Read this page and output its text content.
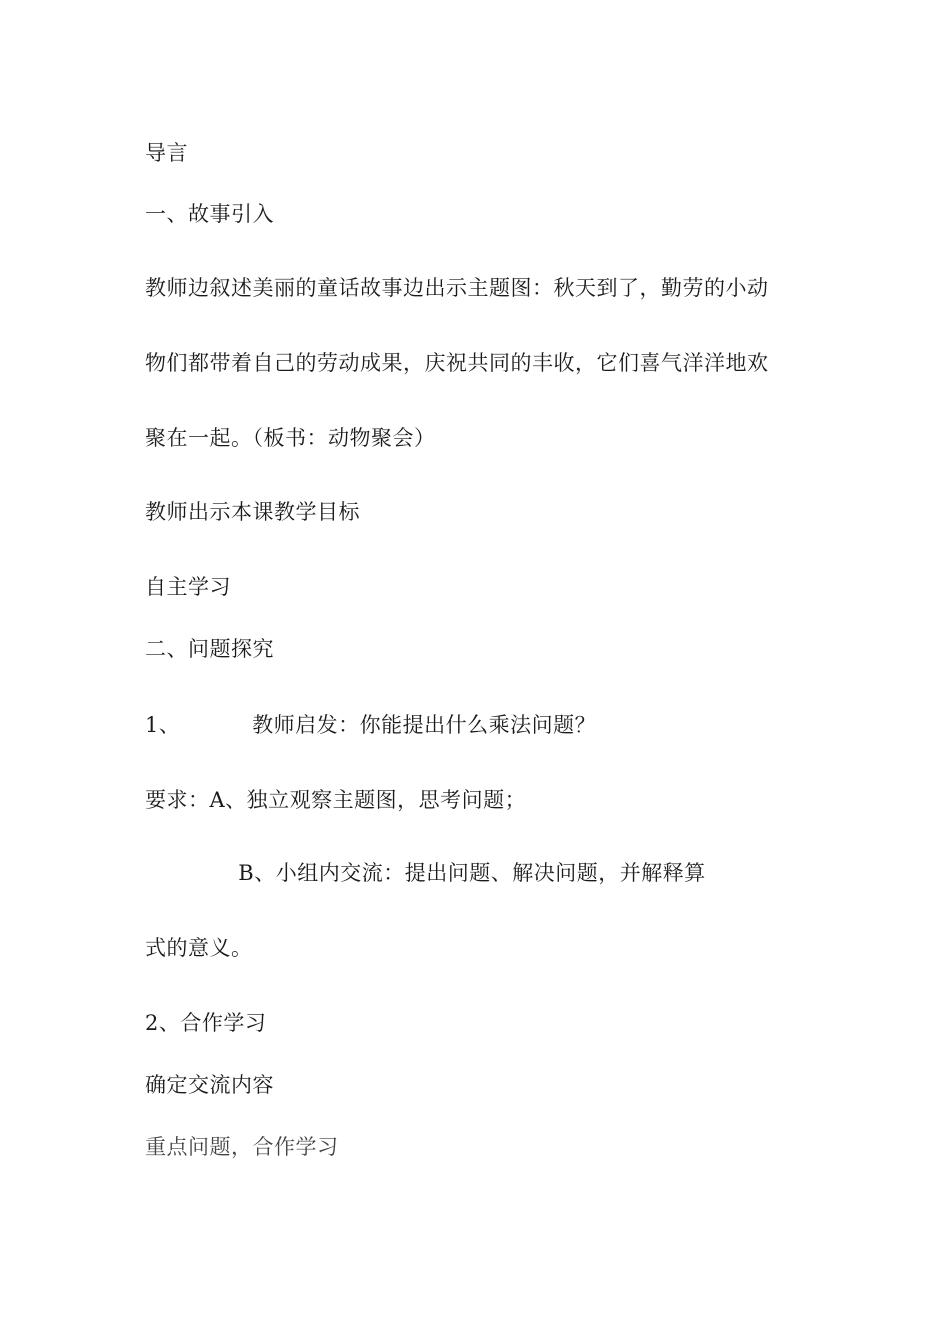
导言
一、故事引入
教师边叙述美丽的童话故事边出示主题图：秋天到了，勤劳的小动
物们都带着自己的劳动成果，庆祝共同的丰收，它们喜气洋洋地欢
聚在一起。（板书：动物聚会）
教师出示本课教学目标
自主学习
二、问题探究
1、          教师启发：你能提出什么乘法问题？
要求：A、独立观察主题图，思考问题；
B、小组内交流：提出问题、解决问题，并解释算
式的意义。
2、合作学习
确定交流内容
重点问题，合作学习
